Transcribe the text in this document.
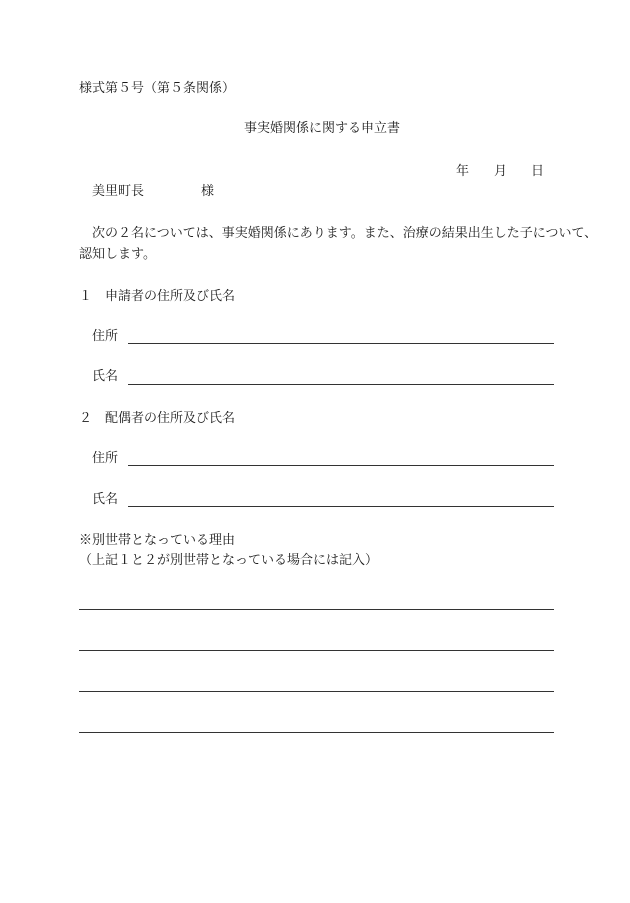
様式第５号（第５条関係）
事実婚関係に関する申立書
年 月 日
美里町長	様
次の２名については、事実婚関係にあります。また、治療の結果出生した子について、
認知します。
１　申請者の住所及び氏名
住所
氏名
２　配偶者の住所及び氏名
住所
氏名
※別世帯となっている理由
（上記１と２が別世帯となっている場合には記入）
